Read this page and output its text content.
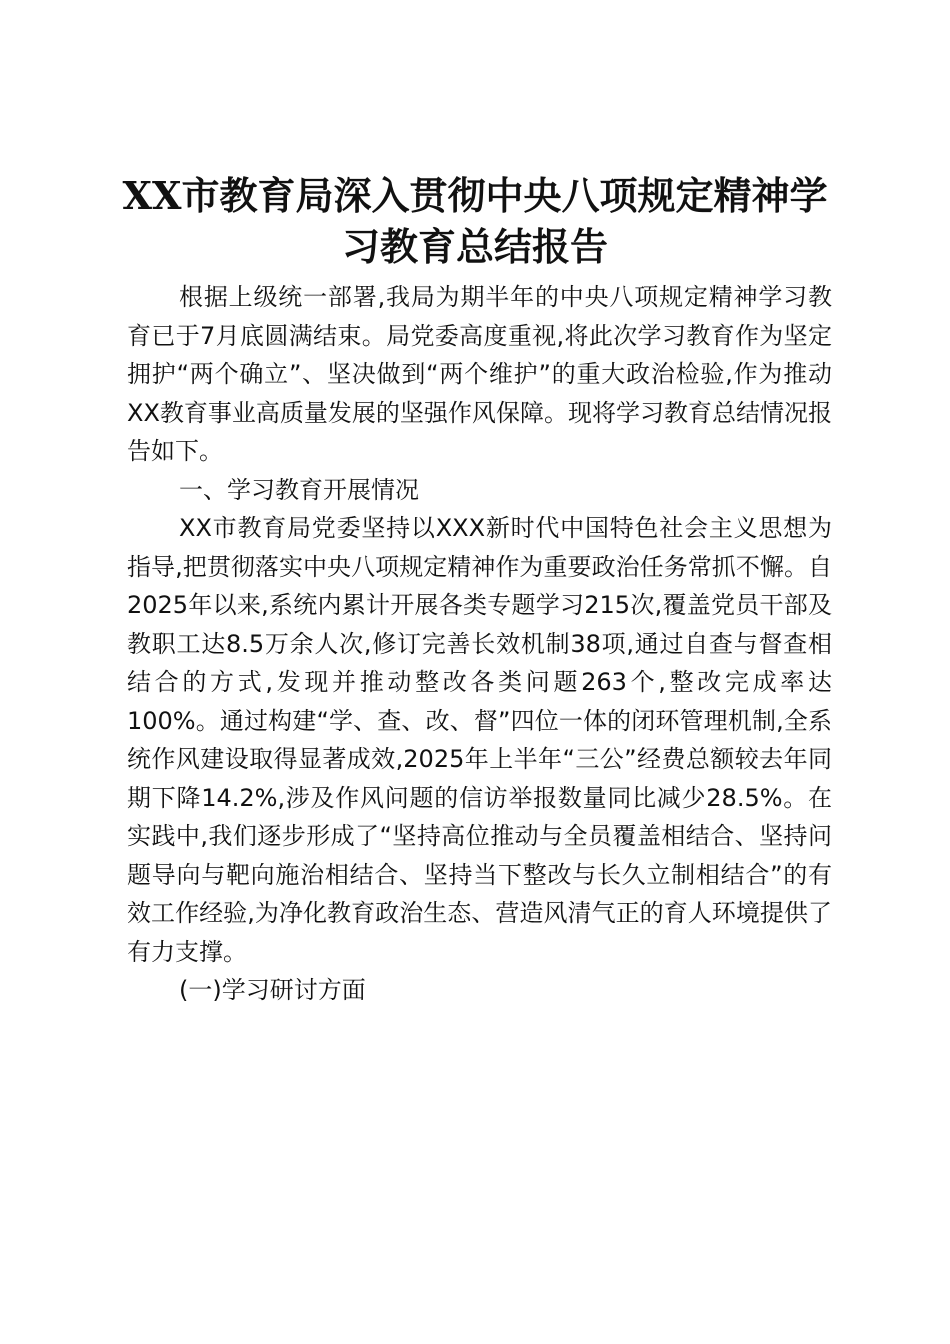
XX市教育局深入贯彻中央八项规定精神学习教育总结报告

根据上级统一部署,我局为期半年的中央八项规定精神学习教育已于7月底圆满结束。局党委高度重视,将此次学习教育作为坚定拥护“两个确立”、坚决做到“两个维护”的重大政治检验,作为推动XX教育事业高质量发展的坚强作风保障。现将学习教育总结情况报告如下。

一、学习教育开展情况

XX市教育局党委坚持以XXX新时代中国特色社会主义思想为指导,把贯彻落实中央八项规定精神作为重要政治任务常抓不懈。自2025年以来,系统内累计开展各类专题学习215次,覆盖党员干部及教职工达8.5万余人次,修订完善长效机制38项,通过自查与督查相结合的方式,发现并推动整改各类问题263个,整改完成率达100%。通过构建“学、查、改、督”四位一体的闭环管理机制,全系统作风建设取得显著成效,2025年上半年“三公”经费总额较去年同期下降14.2%,涉及作风问题的信访举报数量同比减少28.5%。在实践中,我们逐步形成了“坚持高位推动与全员覆盖相结合、坚持问题导向与靶向施治相结合、坚持当下整改与长久立制相结合”的有效工作经验,为净化教育政治生态、营造风清气正的育人环境提供了有力支撑。

(一)学习研讨方面
